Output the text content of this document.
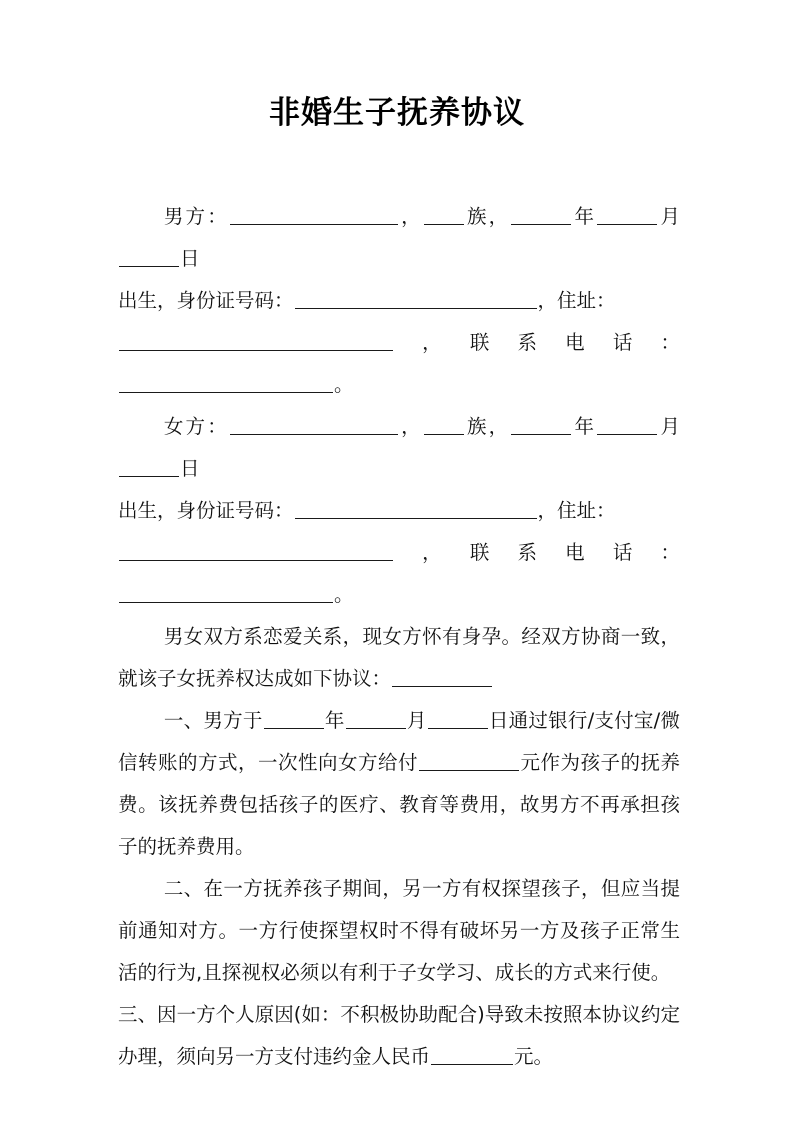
非婚生子抚养协议

男方：	， 族，	年	月日

出生，身份证号码：	，住址：

，联系电话：

。

女方：	， 族，	年	月日

出生，身份证号码：	，住址：

，联系电话：

。

男女双方系恋爱关系，现女方怀有身孕。经双方协商一致，就该子女抚养权达成如下协议：

一、男方于	年	月	日通过银行/支付宝/微信转账的方式，一次性向女方给付	元作为孩子的抚养费。该抚养费包括孩子的医疗、教育等费用，故男方不再承担孩子的抚养费用。

二、在一方抚养孩子期间，另一方有权探望孩子，但应当提前通知对方。一方行使探望权时不得有破坏另一方及孩子正常生活的行为,且探视权必须以有利于子女学习、成长的方式来行使。

三、因一方个人原因(如：不积极协助配合)导致未按照本协议约定办理，须向另一方支付违约金人民币	元。
